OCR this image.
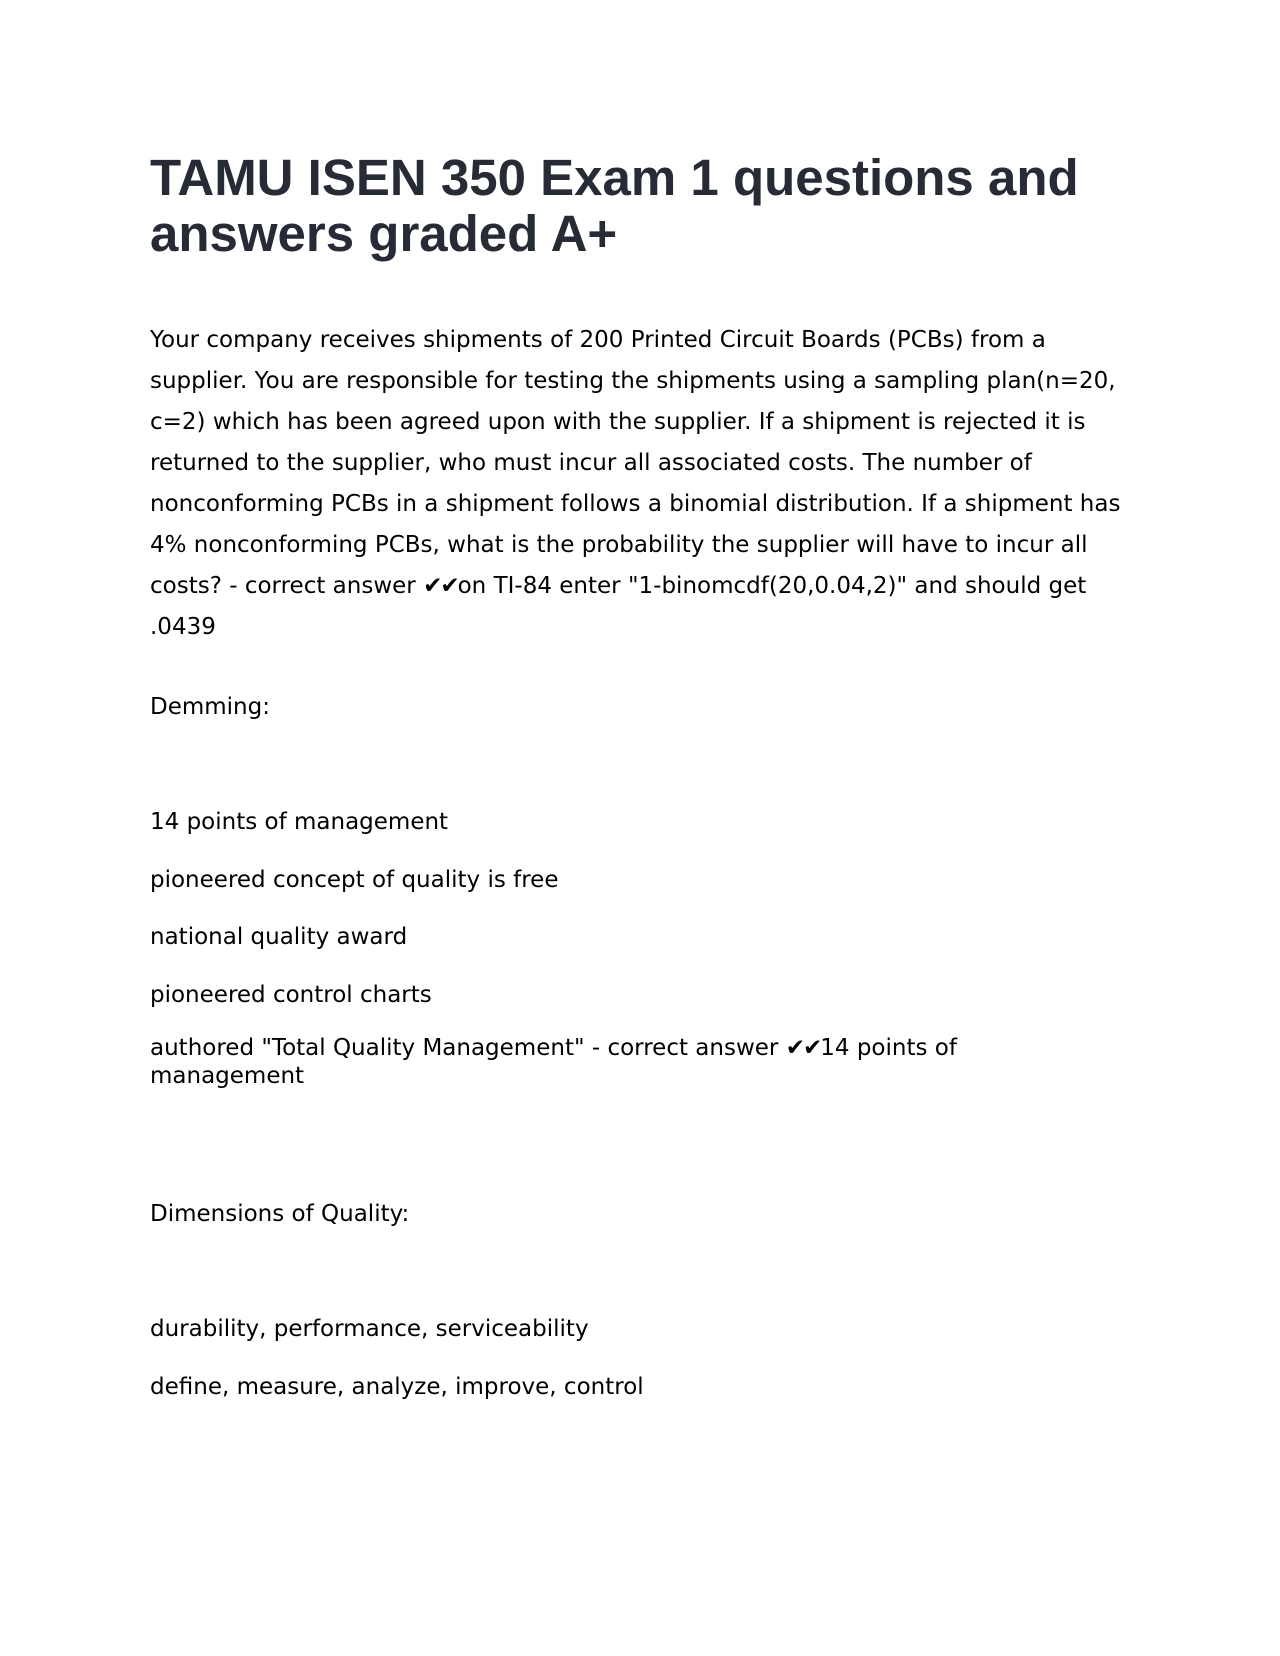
TAMU ISEN 350 Exam 1 questions and answers graded A+

Your company receives shipments of 200 Printed Circuit Boards (PCBs) from a supplier. You are responsible for testing the shipments using a sampling plan(n=20, c=2) which has been agreed upon with the supplier. If a shipment is rejected it is returned to the supplier, who must incur all associated costs. The number of nonconforming PCBs in a shipment follows a binomial distribution. If a shipment has 4% nonconforming PCBs, what is the probability the supplier will have to incur all costs? - correct answer ✔✔on TI-84 enter "1-binomcdf(20,0.04,2)" and should get .0439

Demming:

14 points of management

pioneered concept of quality is free

national quality award

pioneered control charts

authored "Total Quality Management" - correct answer ✔✔14 points of management

Dimensions of Quality:

durability, performance, serviceability

define, measure, analyze, improve, control
